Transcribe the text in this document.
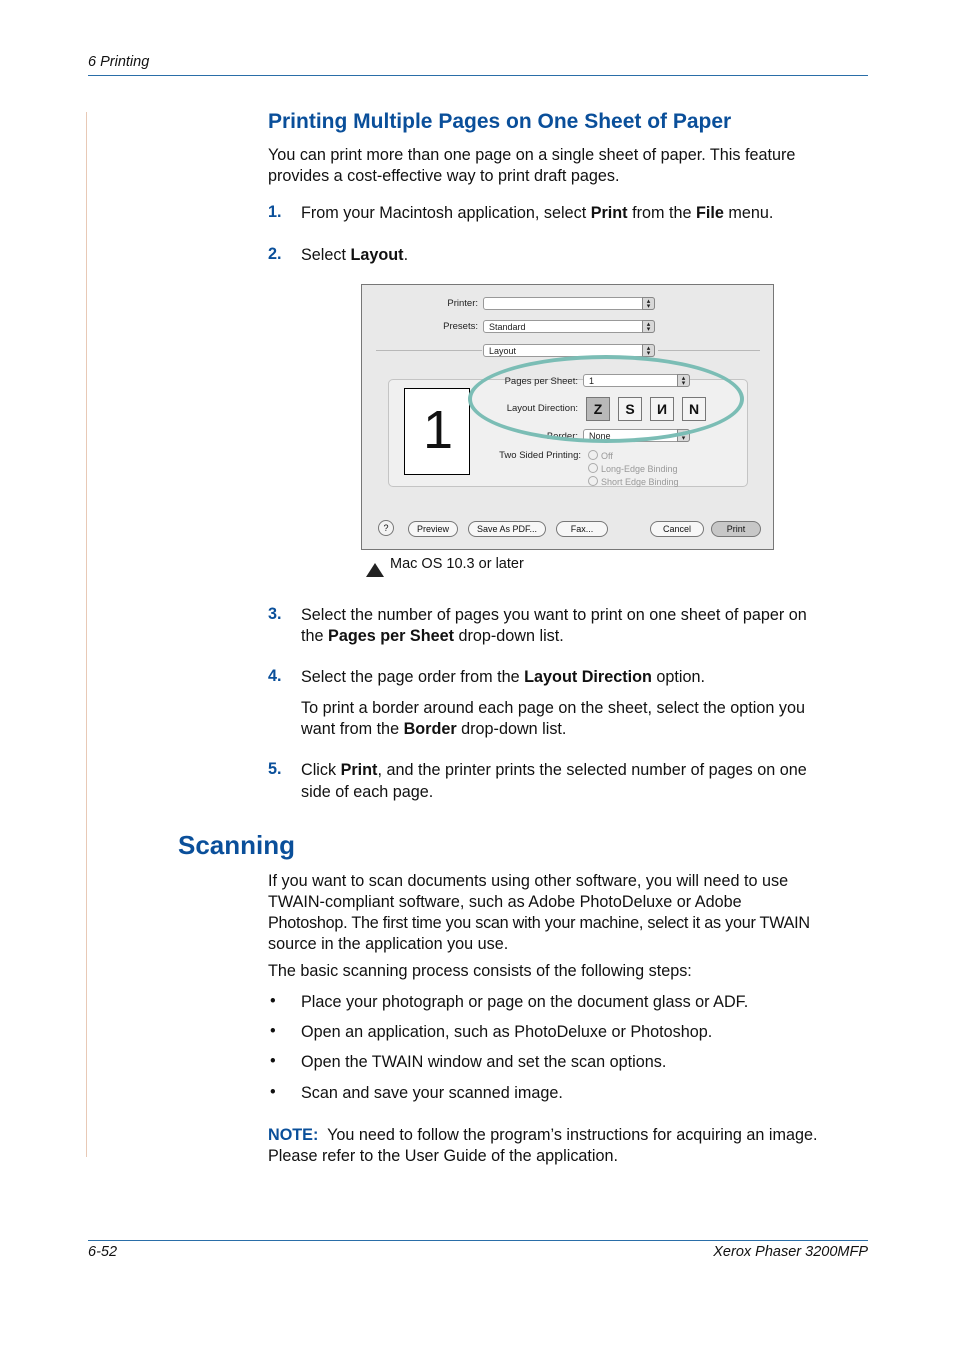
6 Printing
6-52	Xerox Phaser 3200MFP
Printing Multiple Pages on One Sheet of Paper
You can print more than one page on a single sheet of paper. This feature
provides a cost-effective way to print draft pages.
1. From your Macintosh application, select Print from the File menu.
2. Select Layout.
Printer:	▴
▾
Presets:	Standard	▴
▾
Layout	▴
▾
1
Pages per Sheet:	1	▴
▾
Layout Direction:	Z	S	И	N
Border:	None	▴
▾
Two Sided Printing:	Off
Long-Edge Binding
Short Edge Binding
?	Preview	Save As PDF...	Fax...	Cancel	Print
Mac OS 10.3 or later
3. Select the number of pages you want to print on one sheet of paper on
the Pages per Sheet drop-down list.
4. Select the page order from the Layout Direction option.
To print a border around each page on the sheet, select the option you
want from the Border drop-down list.
5. Click Print, and the printer prints the selected number of pages on one
side of each page.
Scanning
If you want to scan documents using other software, you will need to use
TWAIN-compliant software, such as Adobe PhotoDeluxe or Adobe
Photoshop. The first time you scan with your machine, select it as your TWAIN
source in the application you use.
The basic scanning process consists of the following steps:
• Place your photograph or page on the document glass or ADF.
• Open an application, such as PhotoDeluxe or Photoshop.
• Open the TWAIN window and set the scan options.
• Scan and save your scanned image.
NOTE: You need to follow the program’s instructions for acquiring an image.
Please refer to the User Guide of the application.
